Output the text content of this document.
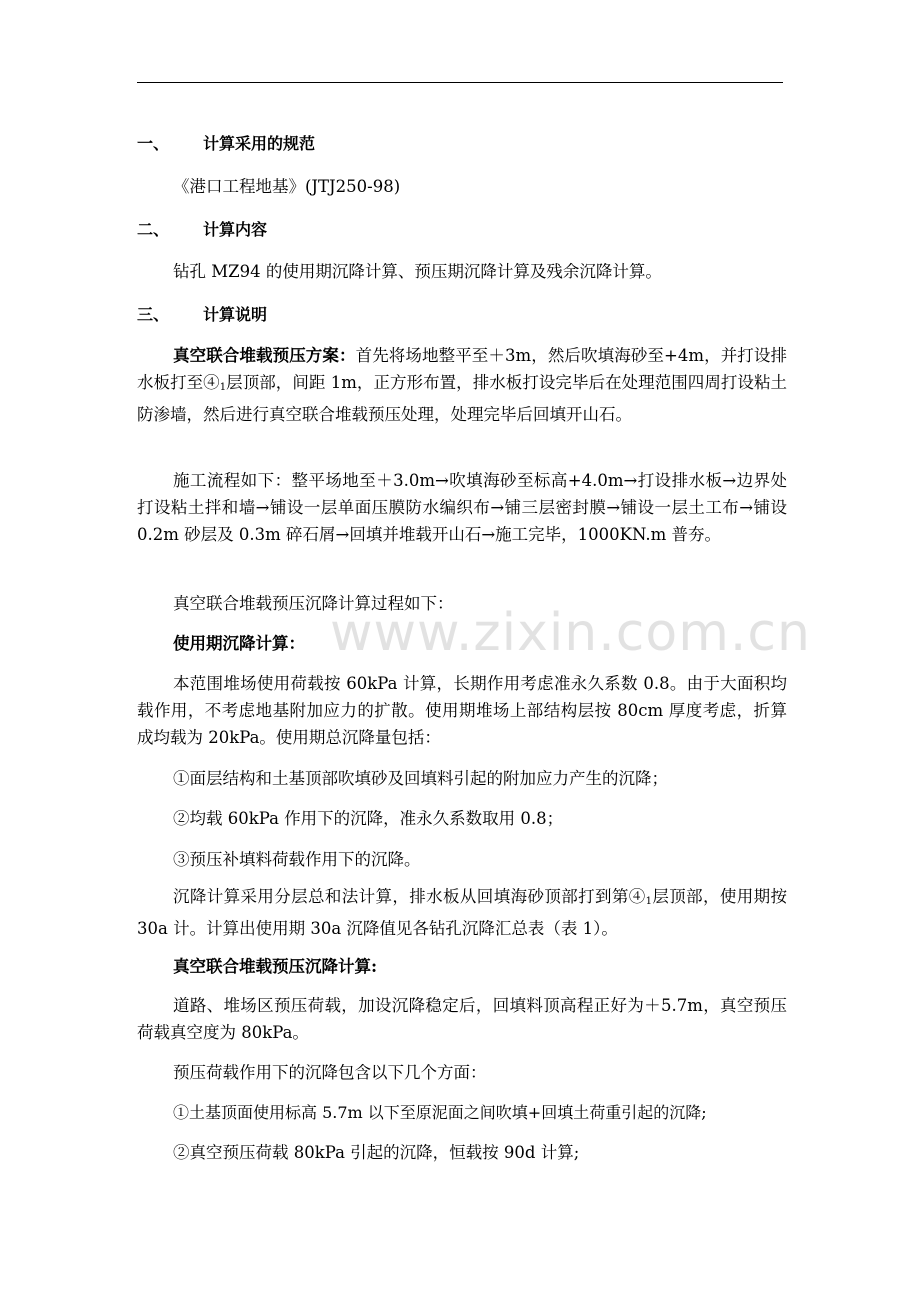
www.zixin.com.cn
一、 计算采用的规范
《港口工程地基》(JTJ250-98)
二、 计算内容
钻孔 MZ94 的使用期沉降计算、预压期沉降计算及残余沉降计算。
三、 计算说明
真空联合堆载预压方案：首先将场地整平至＋3m，然后吹填海砂至+4m，并打设排水板打至$④_1$层顶部，间距 1m，正方形布置，排水板打设完毕后在处理范围四周打设粘土防渗墙，然后进行真空联合堆载预压处理，处理完毕后回填开山石。
施工流程如下：整平场地至＋3.0m→吹填海砂至标高+4.0m→打设排水板→边界处打设粘土拌和墙→铺设一层单面压膜防水编织布→铺三层密封膜→铺设一层土工布→铺设 0.2m 砂层及 0.3m 碎石屑→回填并堆载开山石→施工完毕，1000KN.m 普夯。
真空联合堆载预压沉降计算过程如下：
使用期沉降计算：
本范围堆场使用荷载按 60kPa 计算，长期作用考虑准永久系数 0.8。由于大面积均载作用，不考虑地基附加应力的扩散。使用期堆场上部结构层按 80cm 厚度考虑，折算成均载为 20kPa。使用期总沉降量包括：
①面层结构和土基顶部吹填砂及回填料引起的附加应力产生的沉降；
②均载 60kPa 作用下的沉降，准永久系数取用 0.8；
③预压补填料荷载作用下的沉降。
沉降计算采用分层总和法计算，排水板从回填海砂顶部打到第$④_1$层顶部，使用期按 30a 计。计算出使用期 30a 沉降值见各钻孔沉降汇总表（表 1）。
真空联合堆载预压沉降计算:
道路、堆场区预压荷载，加设沉降稳定后，回填料顶高程正好为＋5.7m，真空预压荷载真空度为 80kPa。
预压荷载作用下的沉降包含以下几个方面：
①土基顶面使用标高 5.7m 以下至原泥面之间吹填+回填土荷重引起的沉降;
②真空预压荷载 80kPa 引起的沉降，恒载按 90d 计算;
